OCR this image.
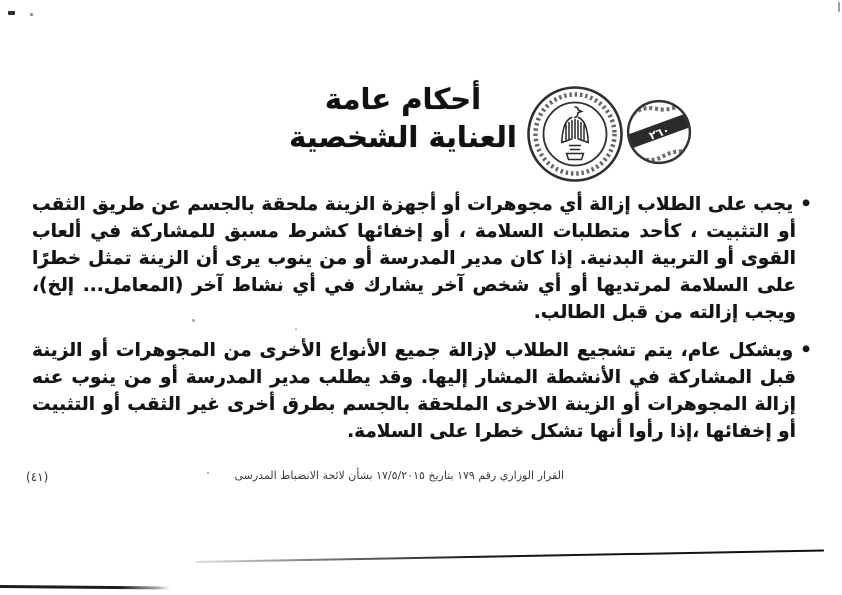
أحكام عامة
العناية الشخصية	٢٦٠
• يجب على الطلاب إزالة أي مجوهرات أو أجهزة الزينة ملحقة بالجسم عن طريق الثقب أو التثبيت ، كأحد متطلبات السلامة ، أو إخفائها كشرط مسبق للمشاركة في ألعاب القوى أو التربية البدنية. إذا كان مدير المدرسة أو من ينوب يرى أن الزينة تمثل خطرًا على السلامة لمرتديها أو أي شخص آخر يشارك في أي نشاط آخر (المعامل... إلخ)، ويجب إزالته من قبل الطالب.
• وبشكل عام، يتم تشجيع الطلاب لإزالة جميع الأنواع الأخرى من المجوهرات أو الزينة قبل المشاركة في الأنشطة المشار إليها. وقد يطلب مدير المدرسة أو من ينوب عنه إزالة المجوهرات أو الزينة الاخرى الملحقة بالجسم بطرق أخرى غير الثقب أو التثبيت أو إخفائها ،إذا رأوا أنها تشكل خطرا على السلامة.
القرار الوزاري رقم ١٧٩ بتاريخ ١٧/٥/٢٠١٥ بشأن لائحة الانضباط المدرسى
(٤١)
